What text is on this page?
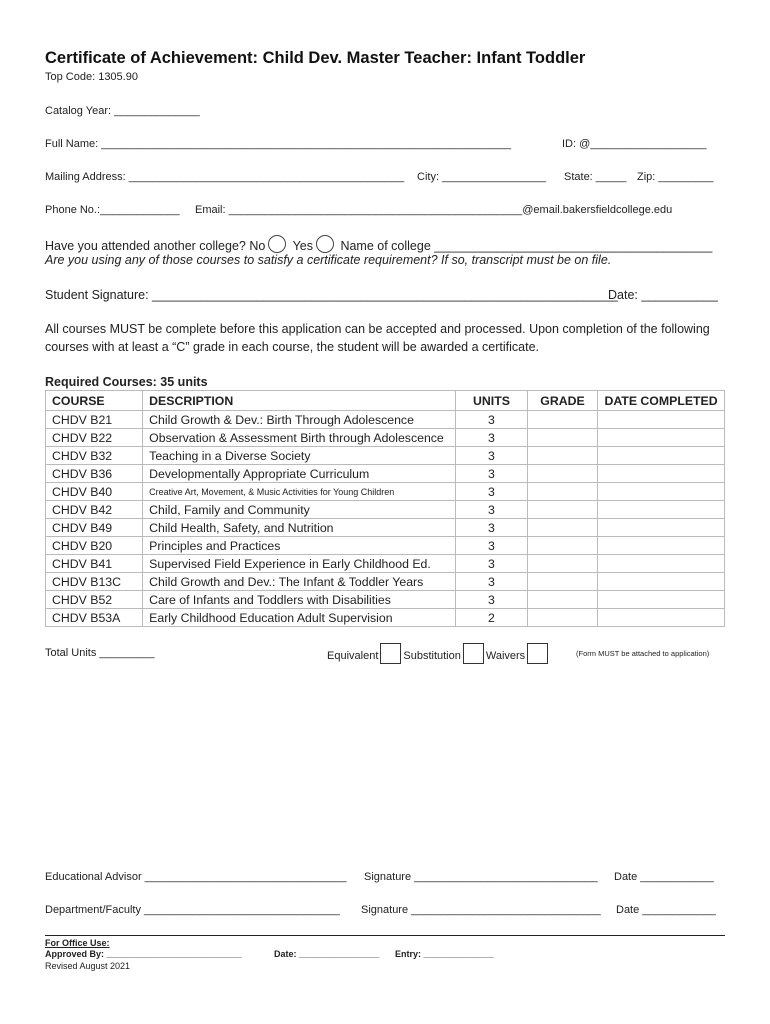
Certificate of Achievement: Child Dev. Master Teacher: Infant Toddler
Top Code: 1305.90
Catalog Year: ______________
Full Name: ___________________________________________________________________	ID: @___________________
Mailing Address: _____________________________________________ City: _________________ State: _____ Zip: _________
Phone No.:_____________ Email: ________________________________________________@email.bakersfieldcollege.edu
Have you attended another college? No Yes Name of college ________________________________________
Are you using any of those courses to satisfy a certificate requirement? If so, transcript must be on file.
Student Signature: ___________________________________________________________________
Date: ___________
All courses MUST be complete before this application can be accepted and processed. Upon completion of the following
courses with at least a “C” grade in each course, the student will be awarded a certificate.
Required Courses: 35 units
COURSE	DESCRIPTION	UNITS	GRADE	DATE COMPLETED
CHDV B21	Child Growth & Dev.: Birth Through Adolescence	3		
CHDV B22	Observation & Assessment Birth through Adolescence	3		
CHDV B32	Teaching in a Diverse Society	3		
CHDV B36	Developmentally Appropriate Curriculum	3		
CHDV B40	Creative Art, Movement, & Music Activities for Young Children	3		
CHDV B42	Child, Family and Community	3		
CHDV B49	Child Health, Safety, and Nutrition	3		
CHDV B20	Principles and Practices	3		
CHDV B41	Supervised Field Experience in Early Childhood Ed.	3		
CHDV B13C	Child Growth and Dev.: The Infant & Toddler Years	3		
CHDV B52	Care of Infants and Toddlers with Disabilities	3		
CHDV B53A	Early Childhood Education Adult Supervision	2		
Total Units _________	Equivalent Substitution Waivers	(Form MUST be attached to application)
Educational Advisor _________________________________ Signature ______________________________ Date ____________
Department/Faculty ________________________________ Signature _______________________________ Date ____________
For Office Use:
Approved By: ___________________________	Date: ________________ Entry: ______________
Revised August 2021
